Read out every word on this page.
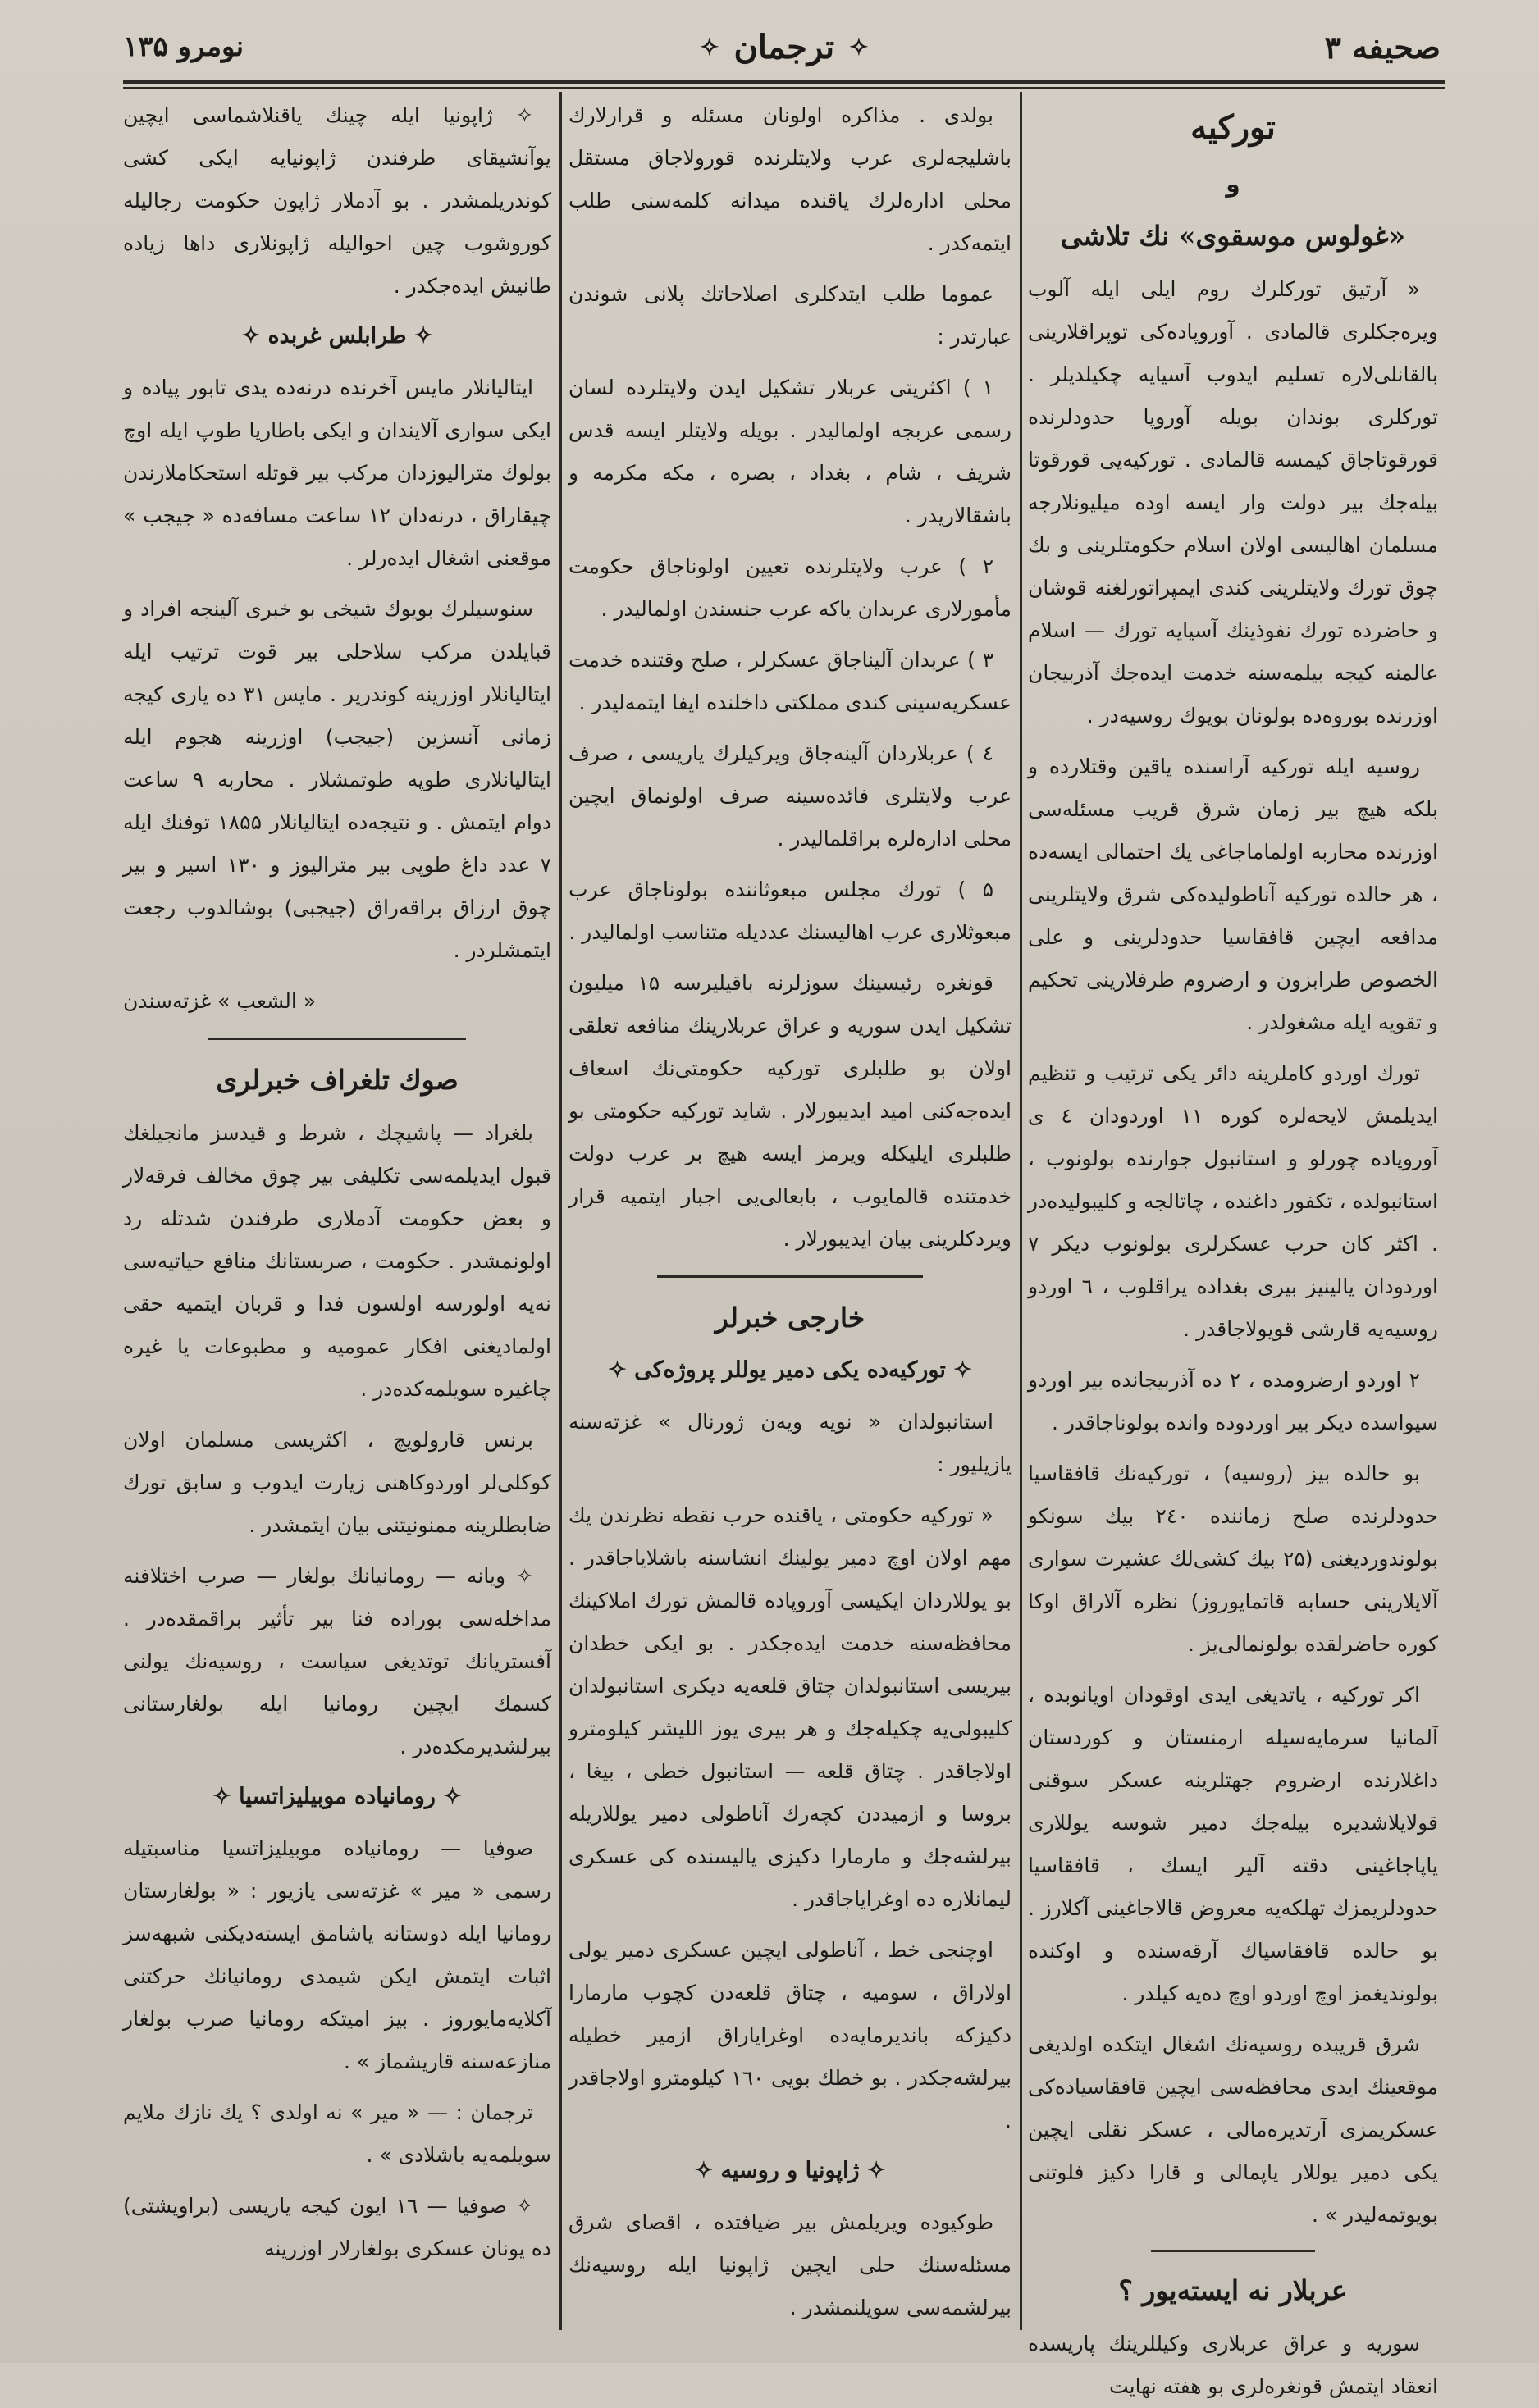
صحیفه ۳
✧
ترجمان
✧
نومرو ۱۳۵
تورکیه
و
«غولوس موسقوی» نك تلاشی

« آرتیق تورکلرك روم ایلی ایله آلوب ویره‌جکلری قالمادی . آوروپاده‌کی توپراقلارینی بالقانلی‌لاره تسلیم ایدوب آسیایه چکیلدیلر . تورکلری بوندان بویله آوروپا حدودلرنده قورقوتاجاق کیمسه قالمادی . تورکیه‌یی قورقوتا بیله‌جك بیر دولت وار ایسه اوده میلیونلارجه مسلمان اهالیسی اولان اسلام حکومتلرینی و بك چوق تورك ولایتلرینی کندی ایمپراتورلغنه قوشان و حاضرده تورك نفوذینك آسیایه تورك — اسلام عالمنه کیجه بیلمه‌سنه خدمت ایده‌جك آذربیجان اوزرنده بوروه‌ده بولونان بویوك روسیه‌در .

روسیه ایله تورکیه آراسنده یاقین وقتلارده و بلکه هیچ بیر زمان شرق قریب مسئله‌سی اوزرنده محاربه اولماماجاغی یك احتمالی ایسه‌ده ، هر حالده تورکیه آناطولیده‌کی شرق ولایتلرینی مدافعه ایچین قافقاسیا حدودلرینی و علی الخصوص طرابزون و ارضروم طرفلارینی تحکیم و تقویه ایله مشغولدر .

تورك اوردو کاملرینه دائر یکی ترتیب و تنظیم ایدیلمش لایحه‌لره کوره ۱۱ اوردودان ٤ ی آوروپاده چورلو و استانبول جوارنده بولونوب ، استانبولده ، تکفور داغنده ، چاتالجه و کلیبولیده‌در . اکثر کان حرب عسکرلری بولونوب دیکر ۷ اوردودان یالینیز بیری بغداده یراقلوب ، ٦ اوردو روسیه‌یه قارشی قویولاجاقدر .

۲ اوردو ارضرومده ، ۲ ده آذربیجانده بیر اوردو سیواسده دیکر بیر اوردوده وانده بولوناجاقدر .

بو حالده بیز (روسیه) ، تورکیه‌نك قافقاسیا حدودلرنده صلح زماننده ۲٤۰ بیك سونکو بولوندوردیغنی (۲۵ بیك کشی‌لك عشیرت سواری آلایلارینی حسابه قاتمایوروز) نظره آلاراق اوکا کوره حاضرلقده بولونمالی‌یز .

اکر تورکیه ، یاتدیغی ایدی اوقودان اویانوبده ، آلمانیا سرمایه‌سیله ارمنستان و کوردستان داغلارنده ارضروم جهتلرینه عسکر سوقنی قولایلاشدیره بیله‌جك دمیر شوسه یوللاری یاپاجاغینی دقته آلیر ایسك ، قافقاسیا حدودلریمزك تهلکه‌یه معروض قالاجاغینی آکلارز . بو حالده قافقاسیاك آرقه‌سنده و اوکنده بولوندیغمز اوچ اوردو اوچ ده‌یه کیلدر .

شرق قریبده روسیه‌نك اشغال ایتکده اولدیغی موقعینك ایدی محافظه‌سی ایچین قافقاسیاده‌کی عسکریمزی آرتدیره‌مالی ، عسکر نقلی ایچین یکی دمیر یوللار یاپمالی و قارا دکیز فلوتنی بویوتمه‌لیدر » .

عربلار نه ایسته‌یور ؟

سوریه و عراق عربلاری وکیللرینك پاریسده انعقاد ایتمش قونغرەلری بو هفته نهایت

بولدی . مذاکره اولونان مسئله و قرارلارك باشلیجه‌لری عرب ولایتلرنده قورولاجاق مستقل محلی اداره‌لرك یاقنده میدانه کلمه‌سنی طلب ایتمه‌کدر .

عموما طلب ایتدکلری اصلاحاتك پلانی شوندن عبارتدر :

۱ ) اکثریتی عربلار تشکیل ایدن ولایتلرده لسان رسمی عربجه اولمالیدر . بویله ولایتلر ایسه قدس شریف ، شام ، بغداد ، بصره ، مکه مکرمه و باشقالاریدر .

۲ ) عرب ولایتلرنده تعیین اولوناجاق حکومت مأمورلاری عربدان یاکه عرب جنسندن اولمالیدر .

۳ ) عربدان آلیناجاق عسکرلر ، صلح وقتنده خدمت عسکریه‌سینی کندی مملکتی داخلنده ایفا ایتمه‌لیدر .

٤ ) عربلاردان آلینه‌جاق ویرکیلرك یاریسی ، صرف عرب ولایتلری فائده‌سینه صرف اولونماق ایچین محلی اداره‌لره براقلمالیدر .

۵ ) تورك مجلس مبعوثاننده بولوناجاق عرب مبعوثلاری عرب اهالیسنك عددیله متناسب اولمالیدر .

قونغره رئیسینك سوزلرنه باقیلیرسه ۱۵ میلیون تشکیل ایدن سوریه و عراق عربلارینك منافعه تعلقی اولان بو طلبلری تورکیه حکومتی‌نك اسعاف ایده‌جه‌کنی امید ایدیبورلار . شاید تورکیه حکومتی بو طلبلری ایلیکله ویرمز ایسه هیچ بر عرب دولت خدمتنده قالمایوب ، بابعالی‌یی اجبار ایتمیه قرار ویردکلرینی بیان ایدیبورلار .

خارجی خبرلر
✧ تورکیه‌ده یکی دمیر یوللر پروژه‌کی ✧

استانبولدان « نویه ویه‌ن ژورنال » غزته‌سنه یازیلیور :

« تورکیه حکومتی ، یاقنده حرب نقطه نظرندن یك مهم اولان اوچ دمیر یولینك انشاسنه باشلایاجاقدر . بو یوللاردان ایکیسی آوروپاده قالمش تورك املاکینك محافظه‌سنه خدمت ایده‌جکدر . بو ایکی خطدان بیریسی استانبولدان چتاق قلعه‌یه دیکری استانبولدان کلیبولی‌یه چکیله‌جك و هر بیری یوز اللیشر کیلومترو اولاجاقدر . چتاق قلعه — استانبول خطی ، بیغا ، بروسا و ازمیددن کچه‌رك آناطولی دمیر یوللاریله بیرلشه‌جك و مارمارا دکیزی یالیسنده کی عسکری لیمانلاره ده اوغرایاجاقدر .

اوچنجی خط ، آناطولی ایچین عسکری دمیر یولی اولاراق ، سومیه ، چتاق قلعه‌دن کچوب مارمارا دکیزکه باندیرمایه‌ده اوغرایاراق ازمیر خطیله بیرلشه‌جکدر . بو خطك بویی ۱٦۰ کیلومترو اولاجاقدر .

✧ ژاپونیا و روسیه ✧

طوکیوده ویریلمش بیر ضیافتده ، اقصای شرق مسئله‌سنك حلی ایچین ژاپونیا ایله روسیه‌نك بیرلشمه‌سی سویلنمشدر .

✧ ژاپونیا ایله چینك یاقنلاشماسی ایچین یوآنشیقای طرفندن ژاپونیایه ایکی کشی کوندریلمشدر . بو آدملار ژاپون حکومت رجالیله کوروشوب چین احوالیله ژاپونلاری داها زیاده طانیش ایده‌جکدر .

✧ طرابلس غربده ✧

ایتالیانلار مایس آخرنده درنه‌ده یدی تابور پیاده و ایکی سواری آلایندان و ایکی باطاریا طوپ ایله اوچ بولوك مترالیوزدان مرکب بیر قوتله استحکاملارندن چیقاراق ، درنه‌دان ۱۲ ساعت مسافه‌ده « جیجب » موقعنی اشغال ایده‌رلر .

سنوسیلرك بویوك شیخی بو خبری آلینجه افراد و قبایلدن مرکب سلاحلی بیر قوت ترتیب ایله ایتالیانلار اوزرینه کوندریر . مایس ۳۱ ده یاری کیجه زمانی آنسزین (جیجب) اوزرینه هجوم ایله ایتالیانلاری طوپه طوتمشلار . محاربه ۹ ساعت دوام ایتمش . و نتیجه‌ده ایتالیانلار ۱۸۵۵ توفنك ایله ۷ عدد داغ طوپی بیر مترالیوز و ۱۳۰ اسیر و بیر چوق ارزاق براقه‌راق (جیجبی) بوشالدوب رجعت ایتمشلردر .

« الشعب » غزته‌سندن

صوك تلغراف خبرلری

بلغراد — پاشیچك ، شرط و قیدسز مانجیلغك قبول ایدیلمه‌سی تکلیفی بیر چوق مخالف فرقه‌لار و بعض حکومت آدملاری طرفندن شدتله رد اولونمشدر . حکومت ، صربستانك منافع حیاتیه‌سی نه‌یه اولورسه اولسون فدا و قربان ایتمیه حقی اولمادیغنی افکار عمومیه و مطبوعات یا غیره چاغیره سویلمه‌کده‌در .

برنس قارولویچ ، اکثریسی مسلمان اولان کوکلی‌لر اوردوکاهنی زیارت ایدوب و سابق تورك ضابطلرینه ممنونیتنی بیان ایتمشدر .

✧ ویانه — رومانیانك بولغار — صرب اختلافنه مداخله‌سی بوراده فنا بیر تأثیر براقمقده‌در . آفستریانك توتدیغی سیاست ، روسیه‌نك یولنی کسمك ایچین رومانیا ایله بولغارستانی بیرلشدیرمکده‌در .

✧ رومانیاده موبیلیزاتسیا ✧

صوفیا — رومانیاده موبیلیزاتسیا مناسبتیله رسمی « میر » غزته‌سی یازیور : « بولغارستان رومانیا ایله دوستانه یاشامق ایسته‌دیکنی شبهه‌سز اثبات ایتمش ایکن شیمدی رومانیانك حرکتنی آکلایه‌مایوروز . بیز امیتکه رومانیا صرب بولغار منازعه‌سنه قاریشماز » .

ترجمان : — « میر » نه اولدی ؟ یك نازك ملایم سویلمه‌یه باشلادی » .

✧ صوفیا — ۱٦ ایون کیجه یاریسی (براویشتی) ده یونان عسکری بولغارلار اوزرینه
